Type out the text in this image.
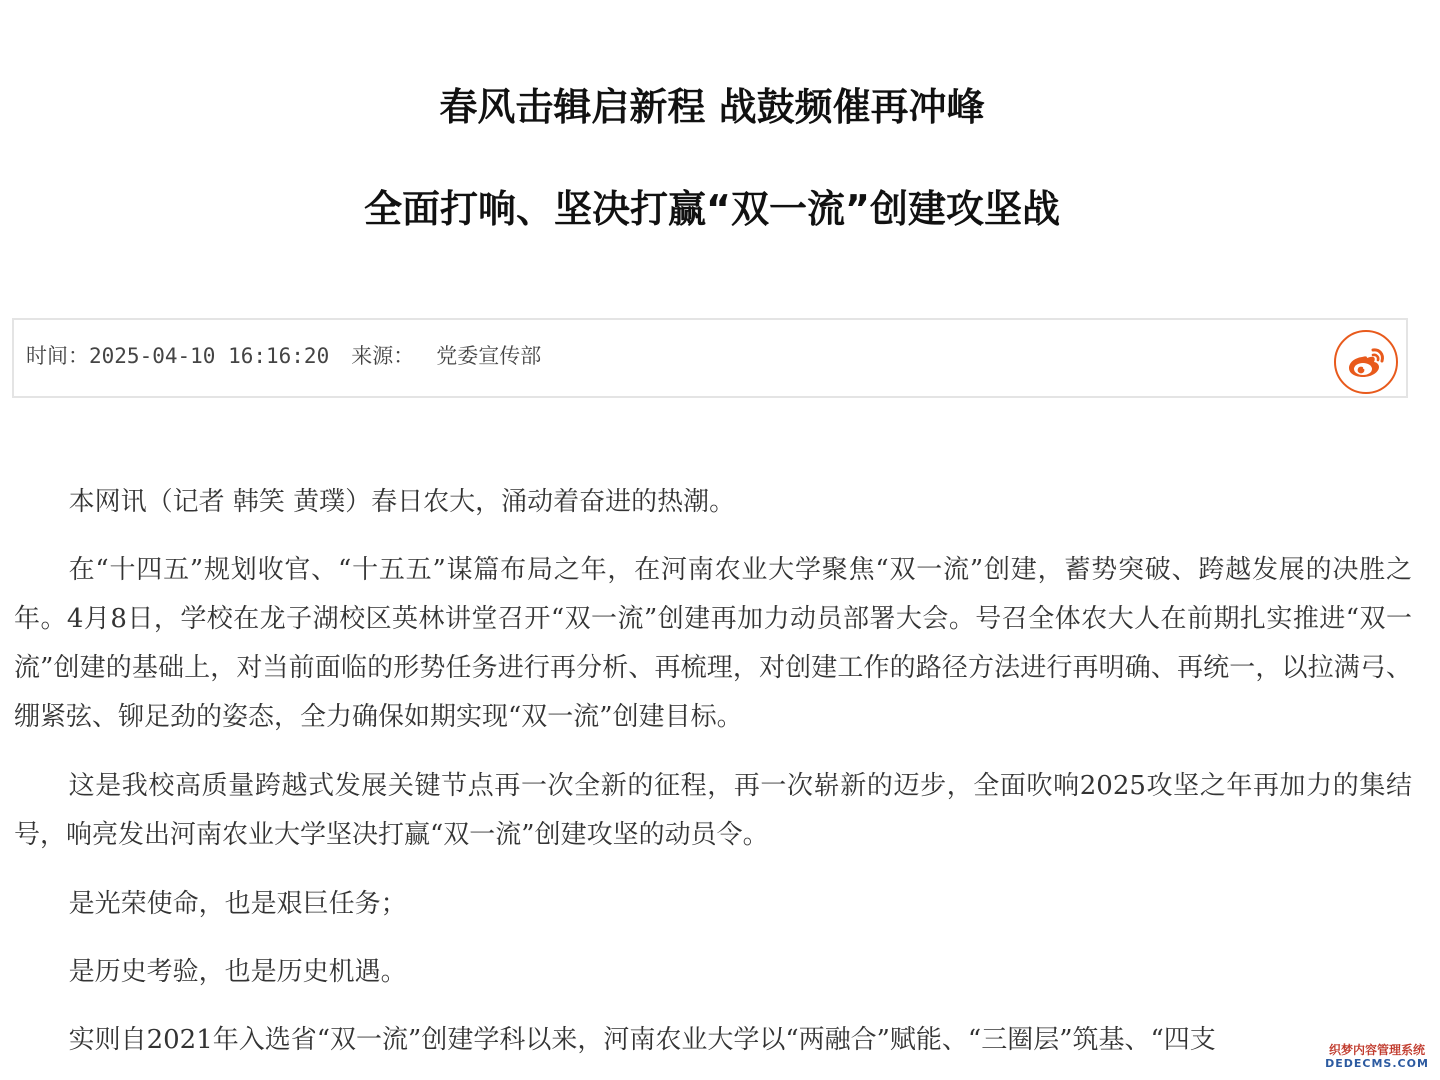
春风击辑启新程 战鼓频催再冲峰
全面打响、坚决打赢“双一流”创建攻坚战
时间：2025-04-10 16:16:20 来源： 党委宣传部

本网讯（记者 韩笑 黄璞）春日农大，涌动着奋进的热潮。

在“十四五”规划收官、“十五五”谋篇布局之年，在河南农业大学聚焦“双一流”创建，蓄势突破、跨越发展的决胜之年。4月8日，学校在龙子湖校区英林讲堂召开“双一流”创建再加力动员部署大会。号召全体农大人在前期扎实推进“双一流”创建的基础上，对当前面临的形势任务进行再分析、再梳理，对创建工作的路径方法进行再明确、再统一，以拉满弓、绷紧弦、铆足劲的姿态，全力确保如期实现“双一流”创建目标。

这是我校高质量跨越式发展关键节点再一次全新的征程，再一次崭新的迈步，全面吹响2025攻坚之年再加力的集结号，响亮发出河南农业大学坚决打赢“双一流”创建攻坚的动员令。

是光荣使命，也是艰巨任务；

是历史考验，也是历史机遇。

实则自2021年入选省“双一流”创建学科以来，河南农业大学以“两融合”赋能、“三圈层”筑基、“四支	织梦内容管理系统
DEDECMS.COM
